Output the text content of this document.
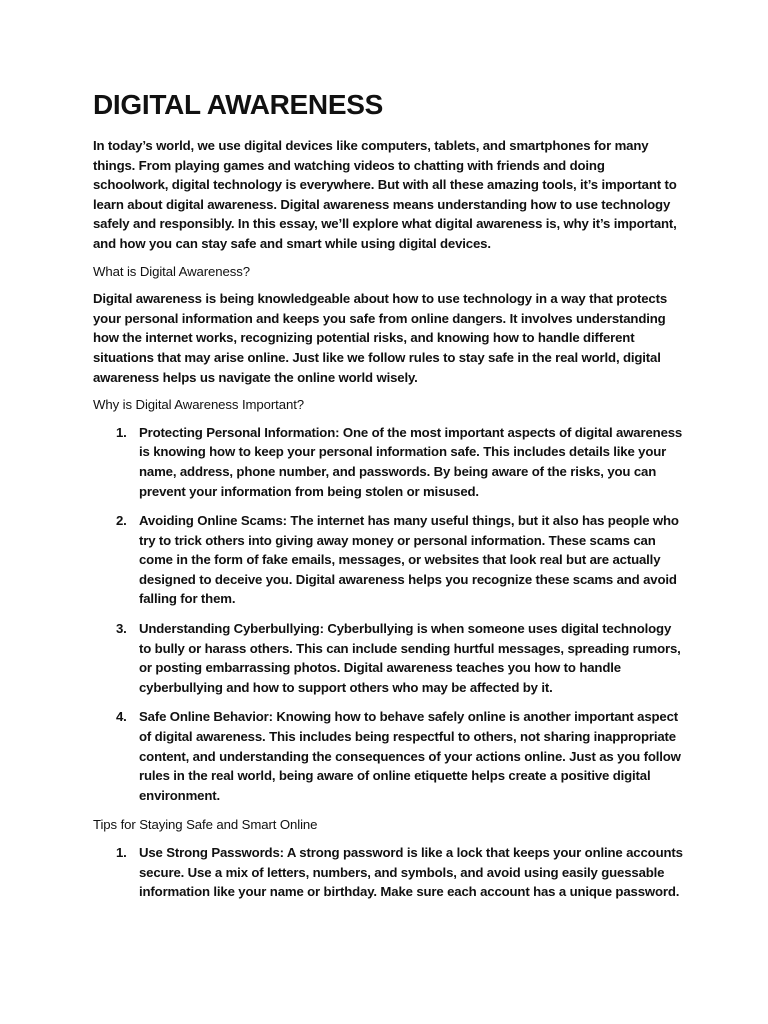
DIGITAL AWARENESS

In today’s world, we use digital devices like computers, tablets, and smartphones for many things. From playing games and watching videos to chatting with friends and doing schoolwork, digital technology is everywhere. But with all these amazing tools, it’s important to learn about digital awareness. Digital awareness means understanding how to use technology safely and responsibly. In this essay, we’ll explore what digital awareness is, why it’s important, and how you can stay safe and smart while using digital devices.

What is Digital Awareness?

Digital awareness is being knowledgeable about how to use technology in a way that protects your personal information and keeps you safe from online dangers. It involves understanding how the internet works, recognizing potential risks, and knowing how to handle different situations that may arise online. Just like we follow rules to stay safe in the real world, digital awareness helps us navigate the online world wisely.

Why is Digital Awareness Important?

1. Protecting Personal Information: One of the most important aspects of digital awareness is knowing how to keep your personal information safe. This includes details like your name, address, phone number, and passwords. By being aware of the risks, you can prevent your information from being stolen or misused.
2. Avoiding Online Scams: The internet has many useful things, but it also has people who try to trick others into giving away money or personal information. These scams can come in the form of fake emails, messages, or websites that look real but are actually designed to deceive you. Digital awareness helps you recognize these scams and avoid falling for them.
3. Understanding Cyberbullying: Cyberbullying is when someone uses digital technology to bully or harass others. This can include sending hurtful messages, spreading rumors, or posting embarrassing photos. Digital awareness teaches you how to handle cyberbullying and how to support others who may be affected by it.
4. Safe Online Behavior: Knowing how to behave safely online is another important aspect of digital awareness. This includes being respectful to others, not sharing inappropriate content, and understanding the consequences of your actions online. Just as you follow rules in the real world, being aware of online etiquette helps create a positive digital environment.

Tips for Staying Safe and Smart Online

1. Use Strong Passwords: A strong password is like a lock that keeps your online accounts secure. Use a mix of letters, numbers, and symbols, and avoid using easily guessable information like your name or birthday. Make sure each account has a unique password.
